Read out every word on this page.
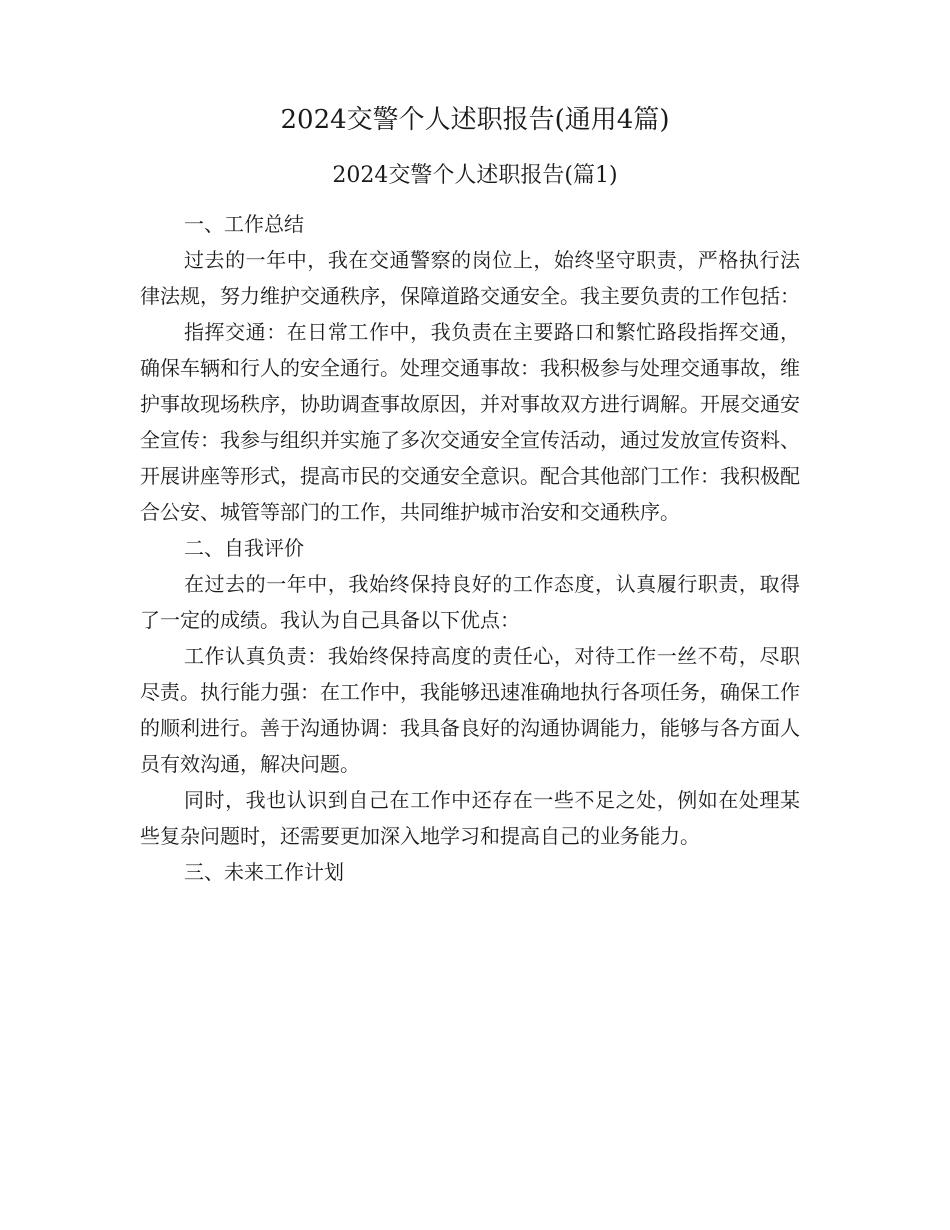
2024交警个人述职报告(通用4篇)
2024交警个人述职报告(篇1)

一、工作总结

过去的一年中，我在交通警察的岗位上，始终坚守职责，严格执行法律法规，努力维护交通秩序，保障道路交通安全。我主要负责的工作包括：

指挥交通：在日常工作中，我负责在主要路口和繁忙路段指挥交通，确保车辆和行人的安全通行。处理交通事故：我积极参与处理交通事故，维护事故现场秩序，协助调查事故原因，并对事故双方进行调解。开展交通安全宣传：我参与组织并实施了多次交通安全宣传活动，通过发放宣传资料、开展讲座等形式，提高市民的交通安全意识。配合其他部门工作：我积极配合公安、城管等部门的工作，共同维护城市治安和交通秩序。

二、自我评价

在过去的一年中，我始终保持良好的工作态度，认真履行职责，取得了一定的成绩。我认为自己具备以下优点：

工作认真负责：我始终保持高度的责任心，对待工作一丝不苟，尽职尽责。执行能力强：在工作中，我能够迅速准确地执行各项任务，确保工作的顺利进行。善于沟通协调：我具备良好的沟通协调能力，能够与各方面人员有效沟通，解决问题。

同时，我也认识到自己在工作中还存在一些不足之处，例如在处理某些复杂问题时，还需要更加深入地学习和提高自己的业务能力。

三、未来工作计划
